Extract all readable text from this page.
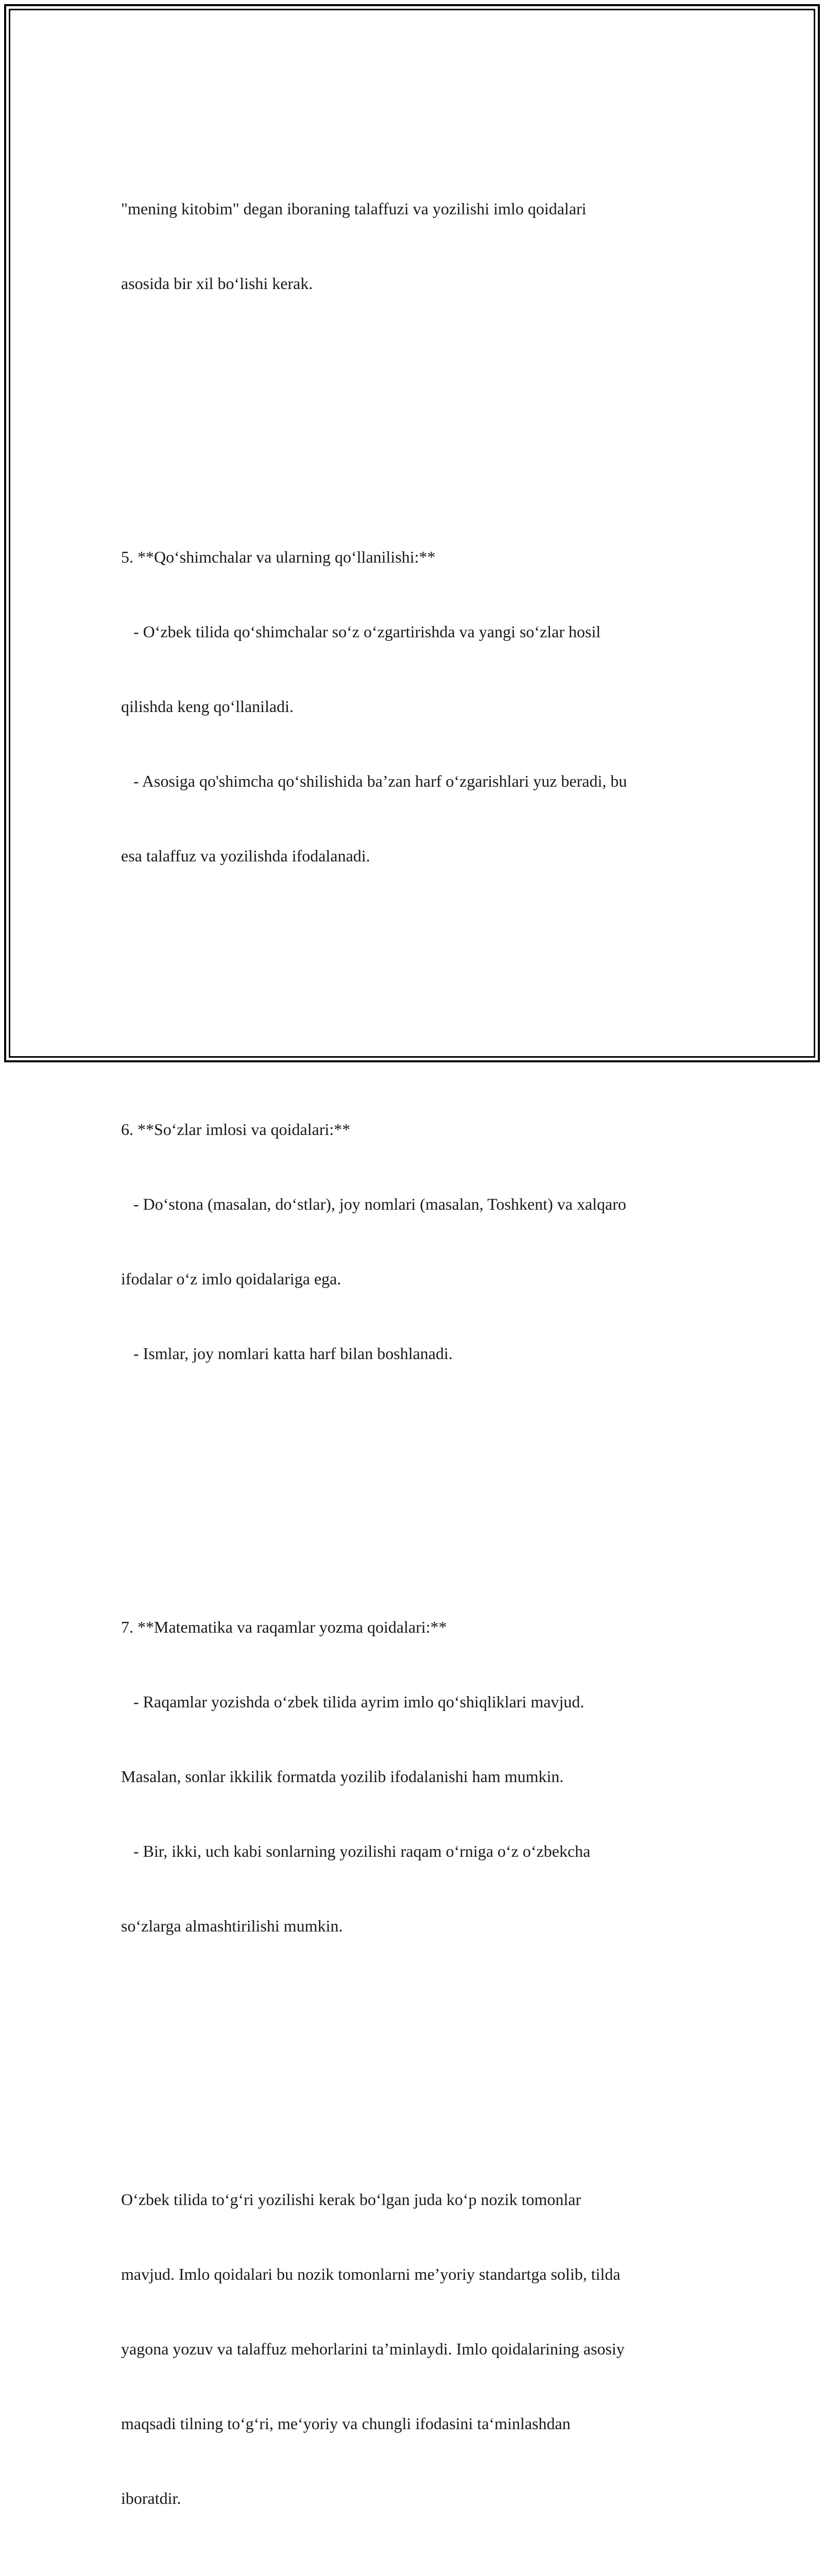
"mening kitobim" degan iboraning talaffuzi va yozilishi imlo qoidalari

asosida bir xil boʻlishi kerak.

5. **Qoʻshimchalar va ularning qoʻllanilishi:**

- Oʻzbek tilida qoʻshimchalar soʻz oʻzgartirishda va yangi soʻzlar hosil

qilishda keng qoʻllaniladi.

- Asosiga qo'shimcha qoʻshilishida baʼzan harf oʻzgarishlari yuz beradi, bu

esa talaffuz va yozilishda ifodalanadi.

6. **Soʻzlar imlosi va qoidalari:**

- Doʻstona (masalan, doʻstlar), joy nomlari (masalan, Toshkent) va xalqaro

ifodalar oʻz imlo qoidalariga ega.

- Ismlar, joy nomlari katta harf bilan boshlanadi.

7. **Matematika va raqamlar yozma qoidalari:**

- Raqamlar yozishda oʻzbek tilida ayrim imlo qoʻshiqliklari mavjud.

Masalan, sonlar ikkilik formatda yozilib ifodalanishi ham mumkin.

- Bir, ikki, uch kabi sonlarning yozilishi raqam oʻrniga oʻz oʻzbekcha

soʻzlarga almashtirilishi mumkin.

Oʻzbek tilida toʻgʻri yozilishi kerak boʻlgan juda koʻp nozik tomonlar

mavjud. Imlo qoidalari bu nozik tomonlarni meʼyoriy standartga solib, tilda

yagona yozuv va talaffuz mehorlarini taʼminlaydi. Imlo qoidalarining asosiy

maqsadi tilning toʻgʻri, meʻyoriy va chungli ifodasini taʻminlashdan

iboratdir.
